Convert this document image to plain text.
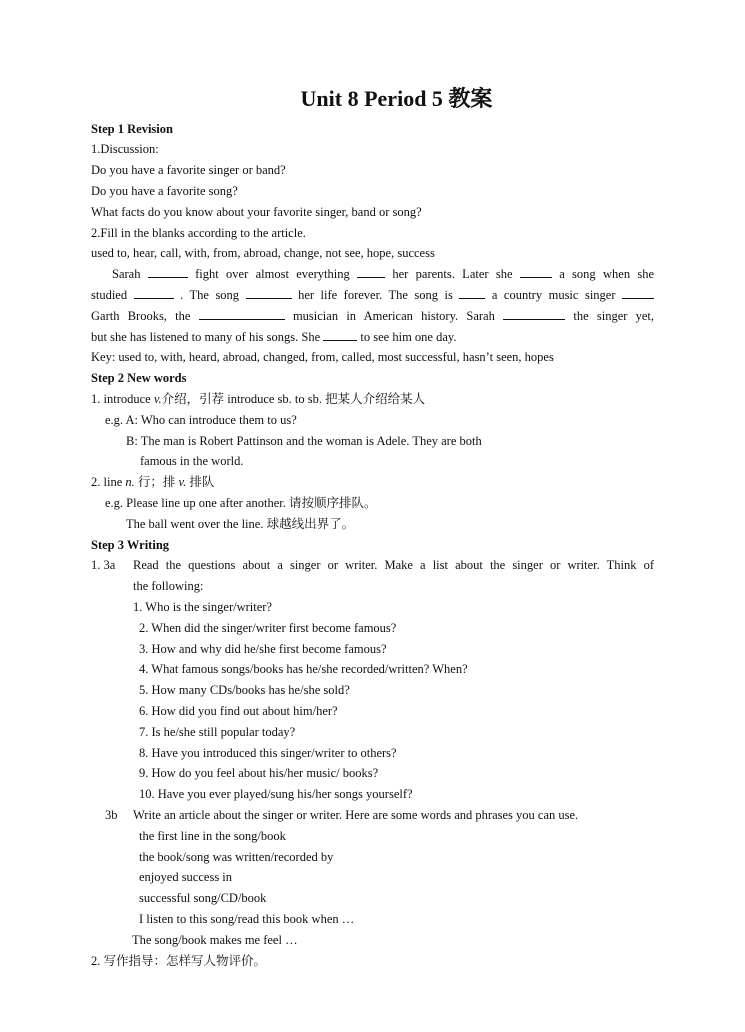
Unit 8 Period 5 教案
Step 1 Revision
1.Discussion:
Do you have a favorite singer or band?
Do you have a favorite song?
What facts do you know about your favorite singer, band or song?
2.Fill in the blanks according to the article.
used to, hear, call, with, from, abroad, change, not see, hope, success
Sarah	fight over almost everything	her parents. Later she	a song when she
studied	. The song	her life forever. The song is	a country music singer
Garth Brooks, the	musician in American history. Sarah	the singer yet,
but she has listened to many of his songs. She	to see him one day.
Key: used to, with, heard, abroad, changed, from, called, most successful, hasn’t seen, hopes
Step 2 New words
1. introduce v.介绍，引荐 introduce sb. to sb. 把某人介绍给某人
e.g. A: Who can introduce them to us?
B: The man is Robert Pattinson and the woman is Adele. They are both
famous in the world.
2. line n. 行；排 v. 排队
e.g. Please line up one after another. 请按顺序排队。
The ball went over the line. 球越线出界了。
Step 3 Writing
1. 3a Read the questions about a singer or writer. Make a list about the singer or writer. Think of
the following:
1. Who is the singer/writer?
2. When did the singer/writer first become famous?
3. How and why did he/she first become famous?
4. What famous songs/books has he/she recorded/written? When?
5. How many CDs/books has he/she sold?
6. How did you find out about him/her?
7. Is he/she still popular today?
8. Have you introduced this singer/writer to others?
9. How do you feel about his/her music/ books?
10. Have you ever played/sung his/her songs yourself?
3b Write an article about the singer or writer. Here are some words and phrases you can use.
the first line in the song/book
the book/song was written/recorded by
enjoyed success in
successful song/CD/book
I listen to this song/read this book when …
The song/book makes me feel …
2. 写作指导：怎样写人物评价。
